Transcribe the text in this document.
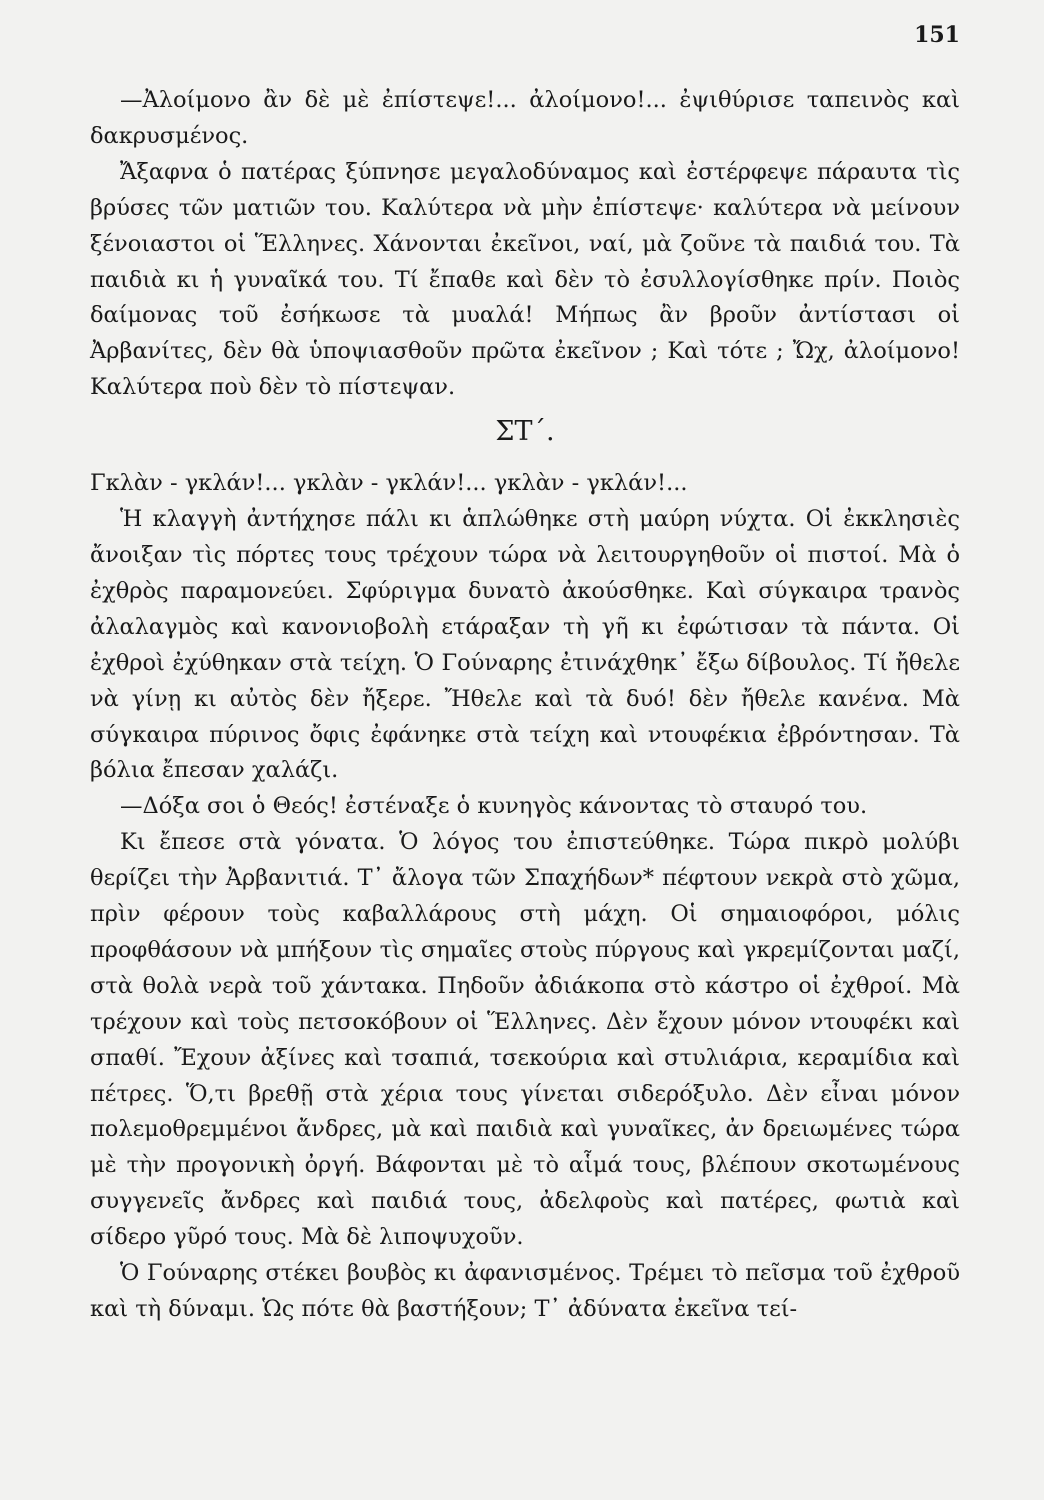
151

—Ἀλοίμονο ἂν δὲ μὲ ἐπίστεψε!... ἀλοίμονο!... ἐψιθύρισε ταπεινὸς καὶ δακρυσμένος.

Ἄξαφνα ὁ πατέρας ξύπνησε μεγαλοδύναμος καὶ ἐστέρφεψε πάραυτα τὶς βρύσες τῶν ματιῶν του. Καλύτερα νὰ μὴν ἐπίστεψε· καλύτερα νὰ μείνουν ξένοιαστοι οἱ Ἕλληνες. Χάνονται ἐκεῖνοι, ναί, μὰ ζοῦνε τὰ παιδιά του. Τὰ παιδιὰ κι ἡ γυναῖκά του. Τί ἔπαθε καὶ δὲν τὸ ἐσυλλογίσθηκε πρίν. Ποιὸς δαίμονας τοῦ ἐσήκωσε τὰ μυαλά! Μήπως ἂν βροῦν ἀντίστασι οἱ Ἀρβανίτες, δὲν θὰ ὑποψιασθοῦν πρῶτα ἐκεῖνον ; Καὶ τότε ; Ὤχ, ἀλοίμονο! Καλύτερα ποὺ δὲν τὸ πίστεψαν.

ΣΤ΄.

Γκλὰν - γκλάν!... γκλὰν - γκλάν!... γκλὰν - γκλάν!...

Ἡ κλαγγὴ ἀντήχησε πάλι κι ἁπλώθηκε στὴ μαύρη νύχτα. Οἱ ἐκκλησιὲς ἄνοιξαν τὶς πόρτες τους τρέχουν τώρα νὰ λειτουργηθοῦν οἱ πιστοί. Μὰ ὁ ἐχθρὸς παραμονεύει. Σφύριγμα δυνατὸ ἀκούσθηκε. Καὶ σύγκαιρα τρανὸς ἀλαλαγμὸς καὶ κανονιοβολὴ ετάραξαν τὴ γῆ κι ἐφώτισαν τὰ πάντα. Οἱ ἐχθροὶ ἐχύθηκαν στὰ τείχη. Ὁ Γούναρης ἐτινάχθηκ᾽ ἔξω δίβουλος. Τί ἤθελε νὰ γίνῃ κι αὐτὸς δὲν ἤξερε. Ἤθελε καὶ τὰ δυό! δὲν ἤθελε κανένα. Μὰ σύγκαιρα πύρινος ὄφις ἐφάνηκε στὰ τείχη καὶ ντουφέκια ἐβρόντησαν. Τὰ βόλια ἔπεσαν χαλάζι.

—Δόξα σοι ὁ Θεός! ἐστέναξε ὁ κυνηγὸς κάνοντας τὸ σταυρό του.

Κι ἔπεσε στὰ γόνατα. Ὁ λόγος του ἐπιστεύθηκε. Τώρα πικρὸ μολύβι θερίζει τὴν Ἀρβανιτιά. Τ᾽ ἄλογα τῶν Σπαχήδων* πέφτουν νεκρὰ στὸ χῶμα, πρὶν φέρουν τοὺς καβαλλάρους στὴ μάχη. Οἱ σημαιοφόροι, μόλις προφθάσουν νὰ μπήξουν τὶς σημαῖες στοὺς πύργους καὶ γκρεμίζονται μαζί, στὰ θολὰ νερὰ τοῦ χάντακα. Πηδοῦν ἀδιάκοπα στὸ κάστρο οἱ ἐχθροί. Μὰ τρέχουν καὶ τοὺς πετσοκόβουν οἱ Ἕλληνες. Δὲν ἔχουν μόνον ντουφέκι καὶ σπαθί. Ἔχουν ἀξίνες καὶ τσαπιά, τσεκούρια καὶ στυλιάρια, κεραμίδια καὶ πέτρες. Ὅ,τι βρεθῇ στὰ χέρια τους γίνεται σιδερόξυλο. Δὲν εἶναι μόνον πολεμοθρεμμένοι ἄνδρες, μὰ καὶ παιδιὰ καὶ γυναῖκες, ἀν δρειωμένες τώρα μὲ τὴν προγονικὴ ὀργή. Βάφονται μὲ τὸ αἷμά τους, βλέπουν σκοτωμένους συγγενεῖς ἄνδρες καὶ παιδιά τους, ἀδελφοὺς καὶ πατέρες, φωτιὰ καὶ σίδερο γῦρό τους. Μὰ δὲ λιποψυχοῦν.

Ὁ Γούναρης στέκει βουβὸς κι ἀφανισμένος. Τρέμει τὸ πεῖσμα τοῦ ἐχθροῦ καὶ τὴ δύναμι. Ὡς πότε θὰ βαστήξουν; Τ᾽ ἀδύνατα ἐκεῖνα τεί-
